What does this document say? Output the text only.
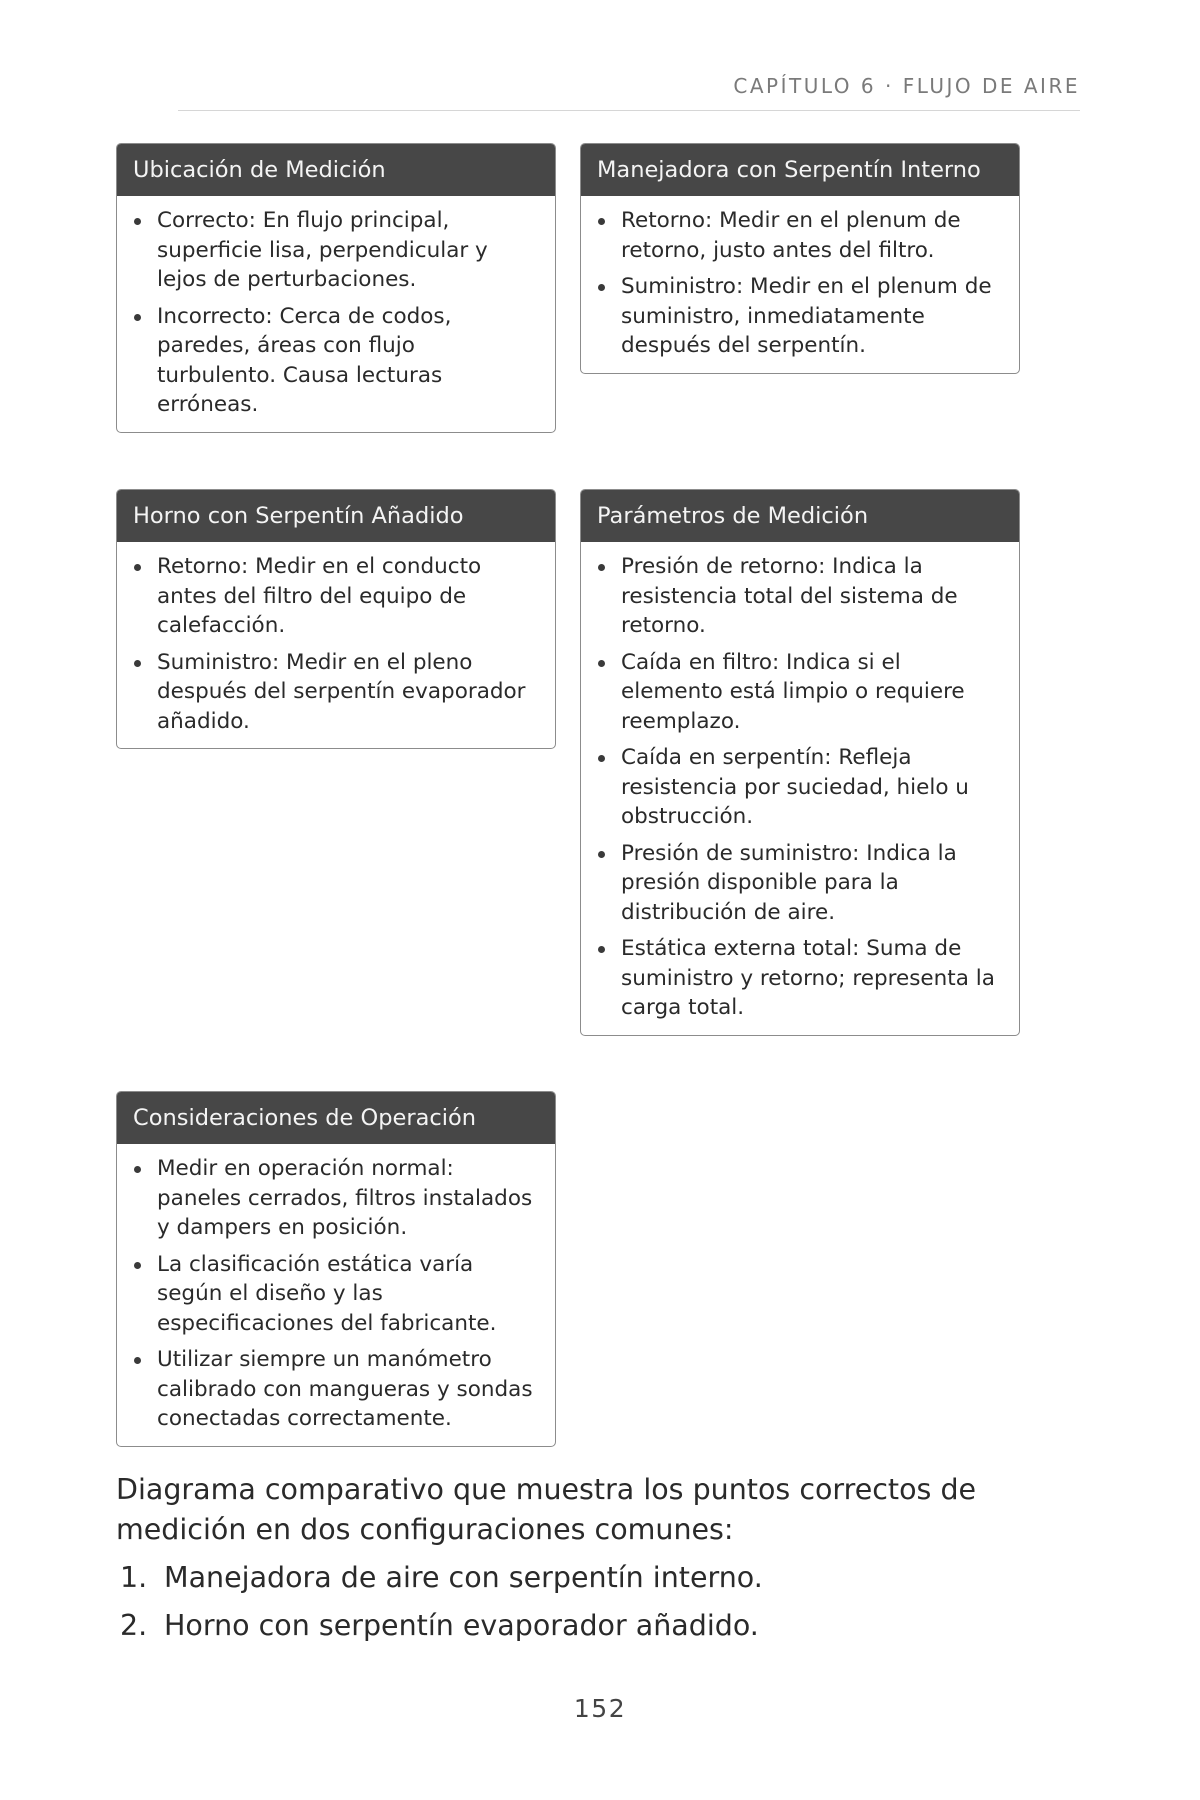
CAPÍTULO 6 · FLUJO DE AIRE
Ubicación de Medición
Correcto: En flujo principal, superficie lisa, perpendicular y lejos de perturbaciones.
Incorrecto: Cerca de codos, paredes, áreas con flujo turbulento. Causa lecturas erróneas.
Manejadora con Serpentín Interno
Retorno: Medir en el plenum de retorno, justo antes del filtro.
Suministro: Medir en el plenum de suministro, inmediatamente después del serpentín.
Horno con Serpentín Añadido
Retorno: Medir en el conducto antes del filtro del equipo de calefacción.
Suministro: Medir en el pleno después del serpentín evaporador añadido.
Parámetros de Medición
Presión de retorno: Indica la resistencia total del sistema de retorno.
Caída en filtro: Indica si el elemento está limpio o requiere reemplazo.
Caída en serpentín: Refleja resistencia por suciedad, hielo u obstrucción.
Presión de suministro: Indica la presión disponible para la distribución de aire.
Estática externa total: Suma de suministro y retorno; representa la carga total.
Consideraciones de Operación
Medir en operación normal: paneles cerrados, filtros instalados y dampers en posición.
La clasificación estática varía según el diseño y las especificaciones del fabricante.
Utilizar siempre un manómetro calibrado con mangueras y sondas conectadas correctamente.

Diagrama comparativo que muestra los puntos correctos de medición en dos configuraciones comunes:

1. Manejadora de aire con serpentín interno.
2. Horno con serpentín evaporador añadido.
152
